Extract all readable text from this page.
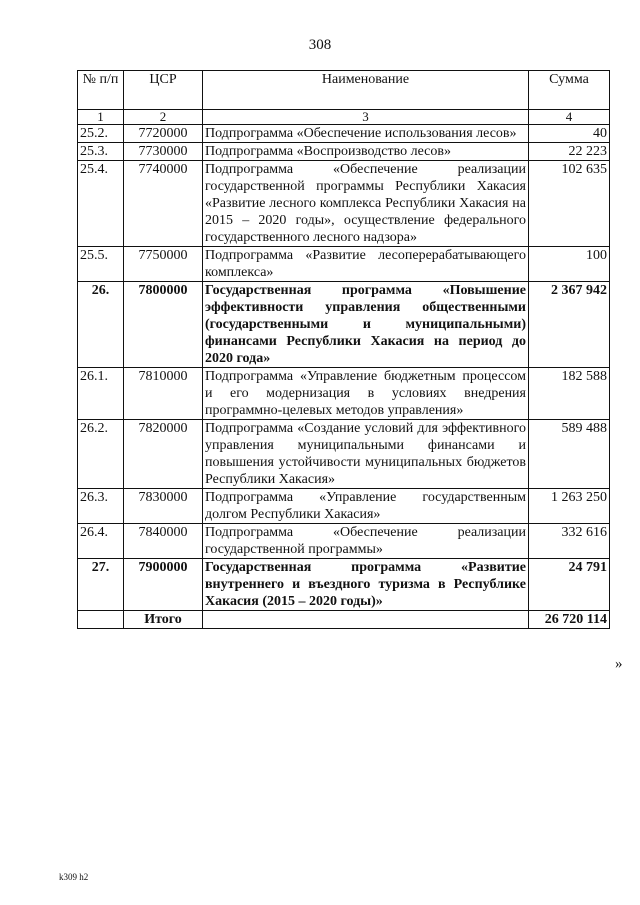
308
№ п/п	ЦСР	Наименование	Сумма
1	2	3	4
25.2.	7720000	Подпрограмма «Обеспечение использования лесов»	40
25.3.	7730000	Подпрограмма «Воспроизводство лесов»	22 223
25.4.	7740000	Подпрограмма «Обеспечение реализации государственной программы Республики Хакасия «Развитие лесного комплекса Республики Хакасия на 2015 – 2020 годы», осуществление федерального государственного лесного надзора»	102 635
25.5.	7750000	Подпрограмма «Развитие лесоперерабатывающего комплекса»	100
26.	7800000	Государственная программа «Повышение эффективности управления общественными (государственными и муниципальными) финансами Республики Хакасия на период до 2020 года»	2 367 942
26.1.	7810000	Подпрограмма «Управление бюджетным процессом и его модернизация в условиях внедрения программно-целевых методов управления»	182 588
26.2.	7820000	Подпрограмма «Создание условий для эффективного управления муниципальными финансами и повышения устойчивости муниципальных бюджетов Республики Хакасия»	589 488
26.3.	7830000	Подпрограмма «Управление государственным долгом Республики Хакасия»	1 263 250
26.4.	7840000	Подпрограмма «Обеспечение реализации государственной программы»	332 616
27.	7900000	Государственная программа «Развитие внутреннего и въездного туризма в Республике Хакасия (2015 – 2020 годы)»	24 791
	Итого		26 720 114
»
k309 h2
